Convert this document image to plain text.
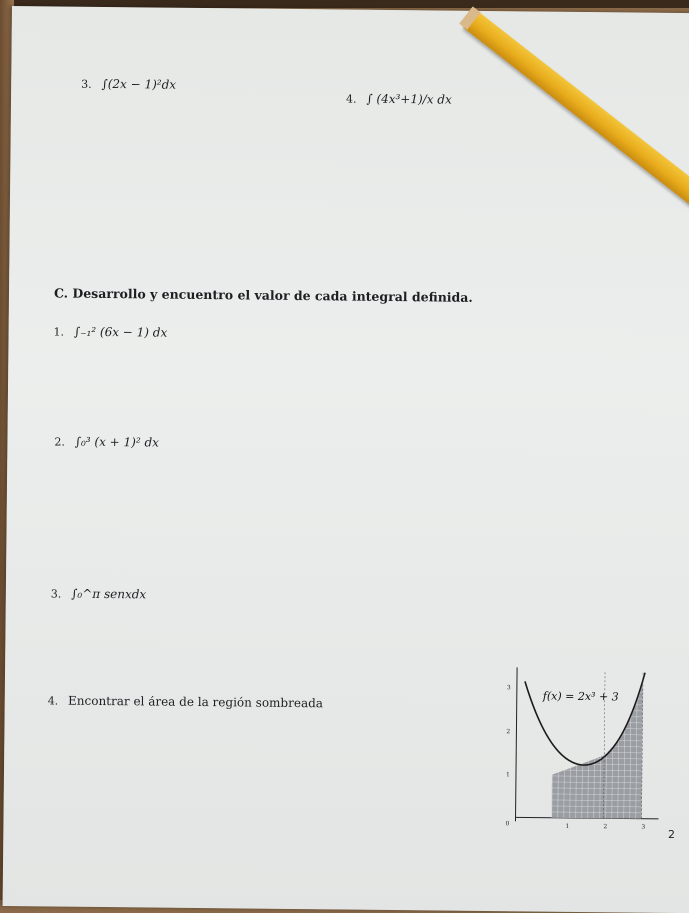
3. ∫(2x − 1)²dx
4. ∫ (4x³+1)/x dx
C. Desarrollo y encuentro el valor de cada integral definida.
1. ∫₋₁² (6x − 1) dx
2. ∫₀³ (x + 1)² dx
3. ∫₀^π senxdx
4. Encontrar el área de la región sombreada	f(x) = 2x³ + 3
3
2
1
0	1	2	3
2
